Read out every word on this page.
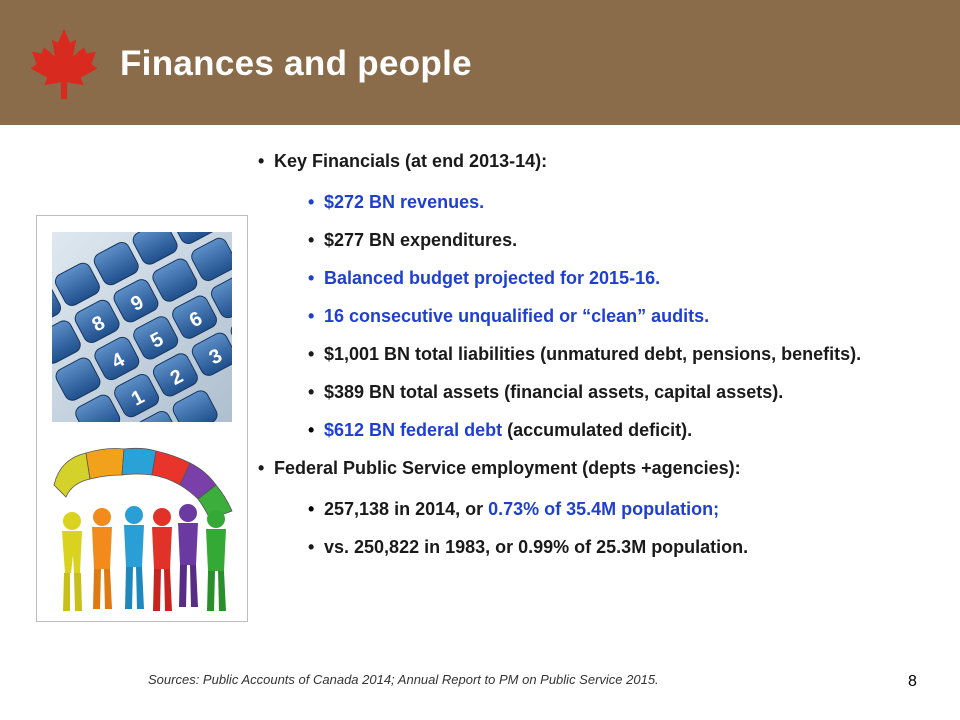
Finances and people
9
8	6
5
4	3
2
1
• Key Financials (at end 2013-14):
• $272 BN revenues.
• $277 BN expenditures.
• Balanced budget projected for 2015-16.
• 16 consecutive unqualified or “clean” audits.
• $1,001 BN total liabilities (unmatured debt, pensions, benefits).
• $389 BN total assets (financial assets, capital assets).
• $612 BN federal debt (accumulated deficit).
• Federal Public Service employment (depts +agencies):
• 257,138 in 2014, or 0.73% of 35.4M population;
• vs. 250,822 in 1983, or 0.99% of 25.3M population.
Sources: Public Accounts of Canada 2014; Annual Report to PM on Public Service 2015.	8
